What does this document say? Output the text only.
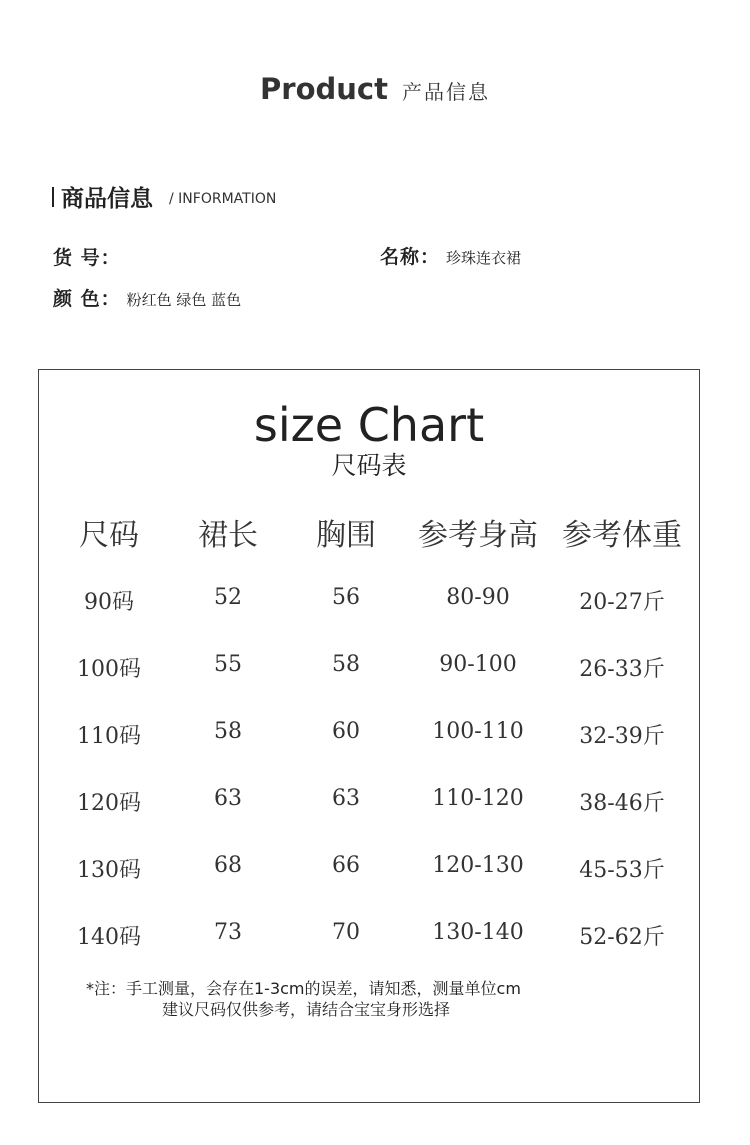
Product 产品信息
商品信息 / INFORMATION
货 号：	名称： 珍珠连衣裙
颜 色： 粉红色 绿色 蓝色
size Chart
尺码表
尺码 裙长 胸围 参考身高 参考体重
90码	52	56	80-90	20-27斤
100码	55	58	90-100	26-33斤
110码	58	60	100-110	32-39斤
120码	63	63	110-120	38-46斤
130码	68	66	120-130	45-53斤
140码	73	70	130-140	52-62斤
*注：手工测量，会存在1-3cm的误差，请知悉，测量单位cm
建议尺码仅供参考，请结合宝宝身形选择
